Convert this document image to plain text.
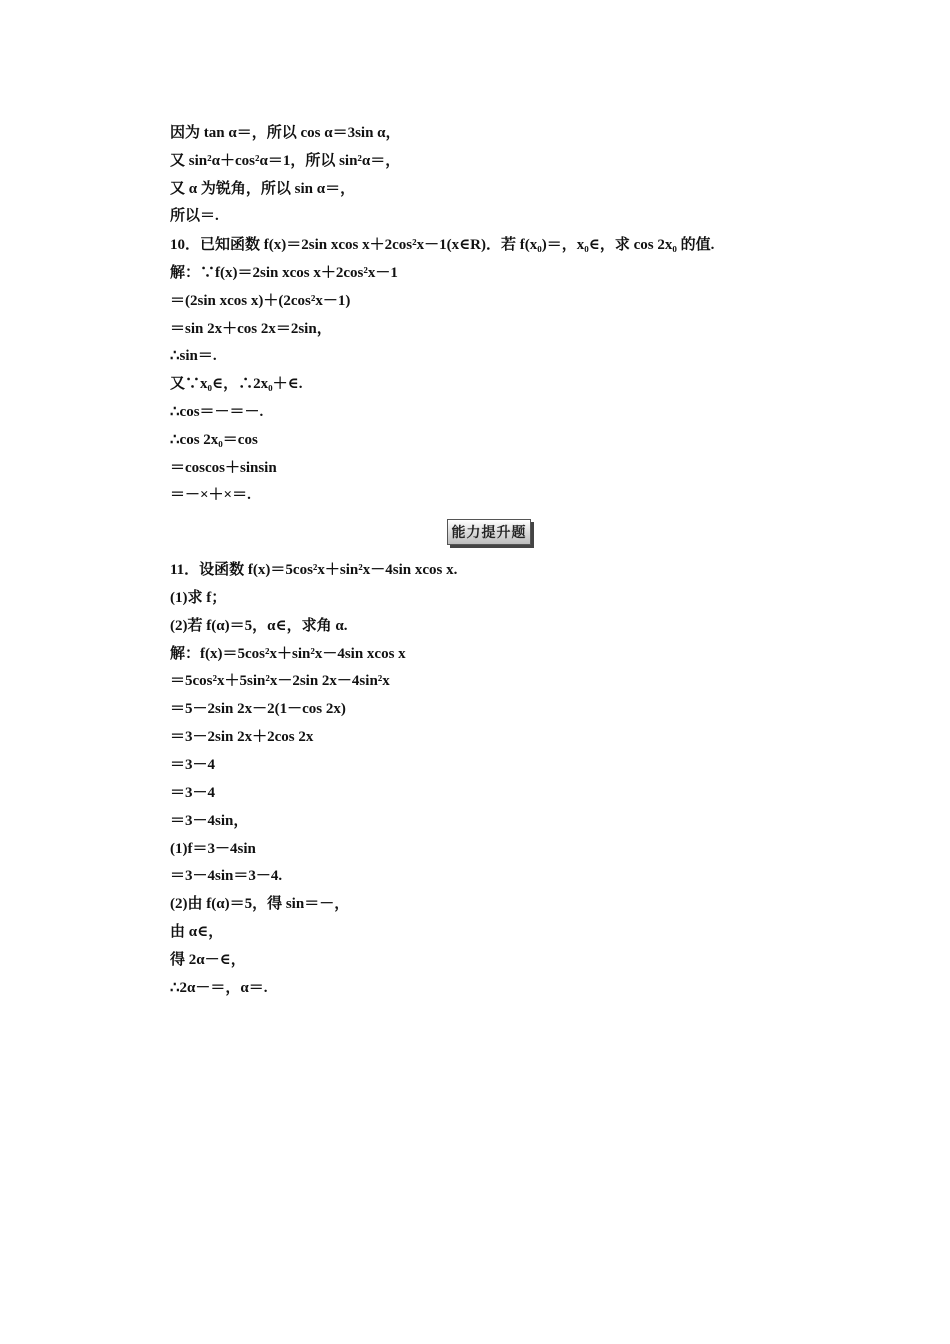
因为 tan α＝，所以 cos α＝3sin α，
又 sin²α＋cos²α＝1，所以 sin²α＝，
又 α 为锐角，所以 sin α＝，
所以＝.
10．已知函数 f(x)＝2sin xcos x＋2cos²x－1(x∈R)．若 f(x₀)＝，x₀∈，求 cos 2x₀ 的值.
解：∵f(x)＝2sin xcos x＋2cos²x－1
＝(2sin xcos x)＋(2cos²x－1)
＝sin 2x＋cos 2x＝2sin，
∴sin＝.
又∵x₀∈，∴2x₀＋∈.
∴cos＝－＝－.
∴cos 2x₀＝cos
＝coscos＋sinsin
＝－×＋×＝.
能力提升题
11．设函数 f(x)＝5cos²x＋sin²x－4sin xcos x.
(1)求 f；
(2)若 f(α)＝5，α∈，求角 α.
解：f(x)＝5cos²x＋sin²x－4sin xcos x
＝5cos²x＋5sin²x－2sin 2x－4sin²x
＝5－2sin 2x－2(1－cos 2x)
＝3－2sin 2x＋2cos 2x
＝3－4
＝3－4
＝3－4sin，
(1)f＝3－4sin
＝3－4sin＝3－4.
(2)由 f(α)＝5，得 sin＝－，
由 α∈，
得 2α－∈，
∴2α－＝，α＝.
